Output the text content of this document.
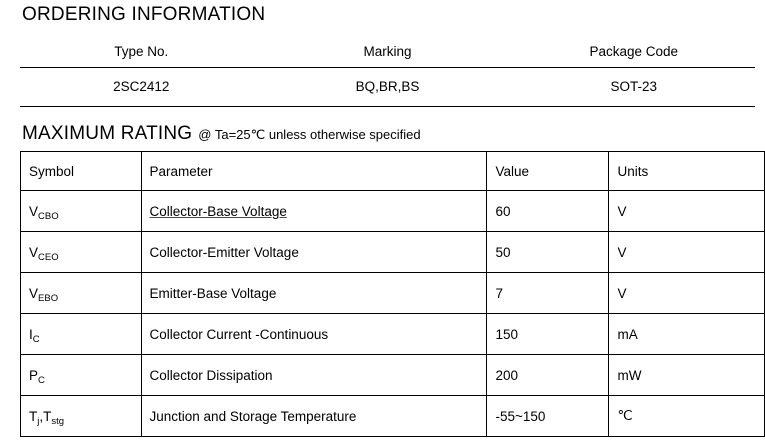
ORDERING INFORMATION
Type No.	Marking	Package Code
2SC2412	BQ,BR,BS	SOT-23
MAXIMUM RATING @ Ta=25℃ unless otherwise specified
Symbol	Parameter	Value	Units
$V_{CBO}$	Collector-Base Voltage	60	V
$V_{CEO}$	Collector-Emitter Voltage	50	V
$V_{EBO}$	Emitter-Base Voltage	7	V
$I_C$	Collector Current -Continuous	150	mA
$P_C$	Collector Dissipation	200	mW
$T_j,T_{stg}$	Junction and Storage Temperature	-55~150	℃
